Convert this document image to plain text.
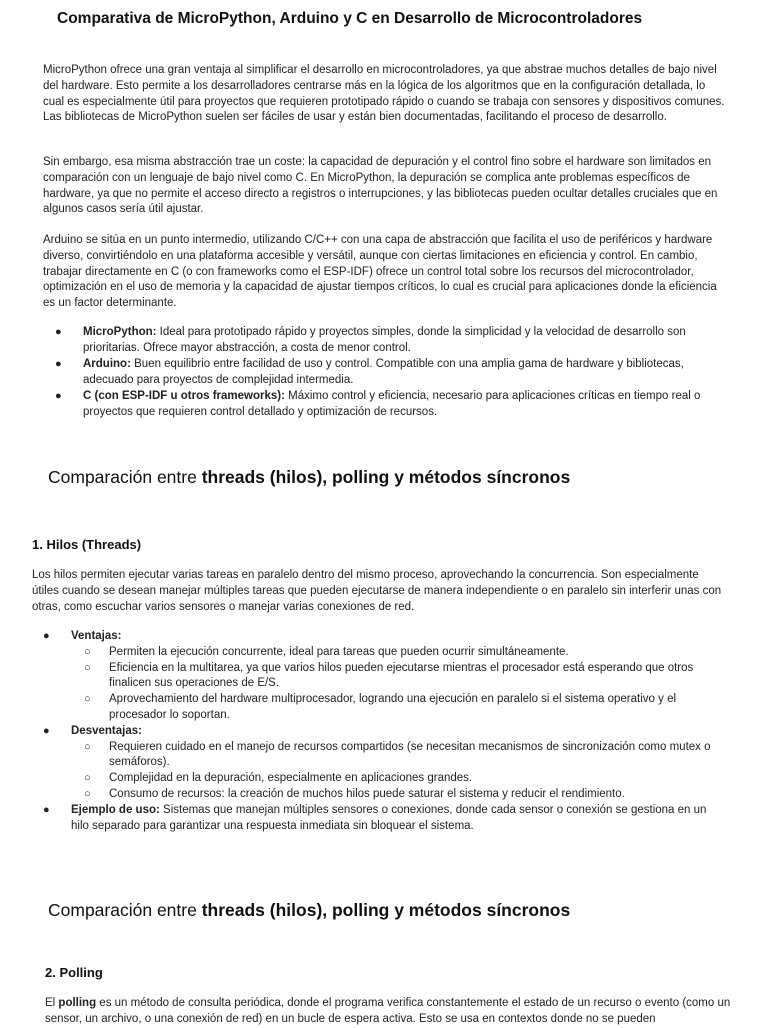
Comparativa de MicroPython, Arduino y C en Desarrollo de Microcontroladores

MicroPython ofrece una gran ventaja al simplificar el desarrollo en microcontroladores, ya que abstrae muchos detalles de bajo nivel del hardware. Esto permite a los desarrolladores centrarse más en la lógica de los algoritmos que en la configuración detallada, lo cual es especialmente útil para proyectos que requieren prototipado rápido o cuando se trabaja con sensores y dispositivos comunes. Las bibliotecas de MicroPython suelen ser fáciles de usar y están bien documentadas, facilitando el proceso de desarrollo.

Sin embargo, esa misma abstracción trae un coste: la capacidad de depuración y el control fino sobre el hardware son limitados en comparación con un lenguaje de bajo nivel como C. En MicroPython, la depuración se complica ante problemas específicos de hardware, ya que no permite el acceso directo a registros o interrupciones, y las bibliotecas pueden ocultar detalles cruciales que en algunos casos sería útil ajustar.

Arduino se sitúa en un punto intermedio, utilizando C/C++ con una capa de abstracción que facilita el uso de periféricos y hardware diverso, convirtiéndolo en una plataforma accesible y versátil, aunque con ciertas limitaciones en eficiencia y control. En cambio, trabajar directamente en C (o con frameworks como el ESP-IDF) ofrece un control total sobre los recursos del microcontrolador, optimización en el uso de memoria y la capacidad de ajustar tiempos críticos, lo cual es crucial para aplicaciones donde la eficiencia es un factor determinante.

● MicroPython: Ideal para prototipado rápido y proyectos simples, donde la simplicidad y la velocidad de desarrollo son prioritarias. Ofrece mayor abstracción, a costa de menor control.
● Arduino: Buen equilibrio entre facilidad de uso y control. Compatible con una amplia gama de hardware y bibliotecas, adecuado para proyectos de complejidad intermedia.
● C (con ESP-IDF u otros frameworks): Máximo control y eficiencia, necesario para aplicaciones críticas en tiempo real o proyectos que requieren control detallado y optimización de recursos.
Comparación entre threads (hilos), polling y métodos síncronos
1. Hilos (Threads)

Los hilos permiten ejecutar varias tareas en paralelo dentro del mismo proceso, aprovechando la concurrencia. Son especialmente útiles cuando se desean manejar múltiples tareas que pueden ejecutarse de manera independiente o en paralelo sin interferir unas con otras, como escuchar varios sensores o manejar varias conexiones de red.

● Ventajas:
○ Permiten la ejecución concurrente, ideal para tareas que pueden ocurrir simultáneamente.
○ Eficiencia en la multitarea, ya que varios hilos pueden ejecutarse mientras el procesador está esperando que otros finalicen sus operaciones de E/S.
○ Aprovechamiento del hardware multiprocesador, logrando una ejecución en paralelo si el sistema operativo y el procesador lo soportan.
● Desventajas:
○ Requieren cuidado en el manejo de recursos compartidos (se necesitan mecanismos de sincronización como mutex o semáforos).
○ Complejidad en la depuración, especialmente en aplicaciones grandes.
○ Consumo de recursos: la creación de muchos hilos puede saturar el sistema y reducir el rendimiento.
● Ejemplo de uso: Sistemas que manejan múltiples sensores o conexiones, donde cada sensor o conexión se gestiona en un hilo separado para garantizar una respuesta inmediata sin bloquear el sistema.
Comparación entre threads (hilos), polling y métodos síncronos
2. Polling

El polling es un método de consulta periódica, donde el programa verifica constantemente el estado de un recurso o evento (como un sensor, un archivo, o una conexión de red) en un bucle de espera activa. Esto se usa en contextos donde no se pueden
